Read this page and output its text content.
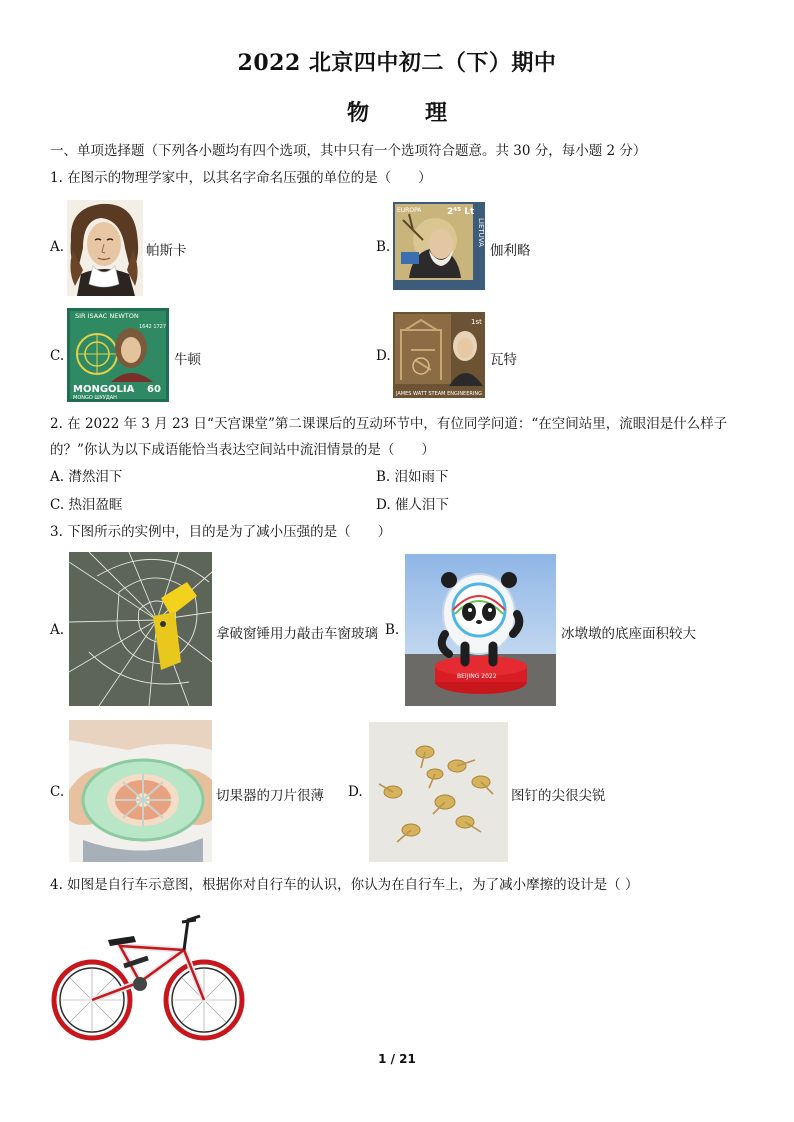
2022 北京四中初二（下）期中
物	理
一、单项选择题（下列各小题均有四个选项，其中只有一个选项符合题意。共 30 分，每小题 2 分）
1. 在图示的物理学家中，以其名字命名压强的单位的是（　　）
A.	帕斯卡	B.
EUROPA	2⁴⁵ Lt
LIETUVA
伽利略
C.
SIR ISAAC NEWTON
1642 1727
MONGOLIA 60
MONGO ШУУДАН
牛顿	D.
1st
JAMES WATT STEAM ENGINEERING
瓦特
2. 在 2022 年 3 月 23 日“天宫课堂”第二课课后的互动环节中，有位同学问道：“在空间站里，流眼泪是什么样子
的？”你认为以下成语能恰当表达空间站中流泪情景的是（　　）
A. 潸然泪下	B. 泪如雨下
C. 热泪盈眶	D. 催人泪下
3. 下图所示的实例中，目的是为了减小压强的是（　　）
A.	拿破窗锤用力敲击车窗玻璃 B.
BEIJING 2022
冰墩墩的底座面积较大
C.	切果器的刀片很薄 D.	图钉的尖很尖锐
4. 如图是自行车示意图，根据你对自行车的认识，你认为在自行车上，为了减小摩擦的设计是（ ）
1 / 21
